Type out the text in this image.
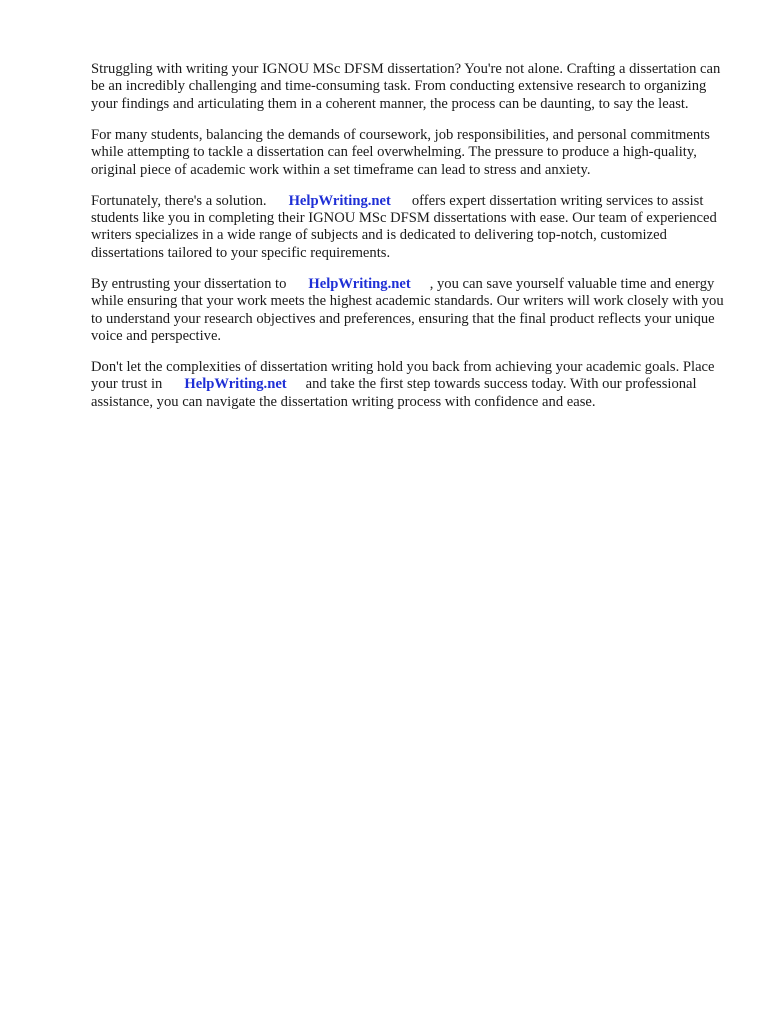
Struggling with writing your IGNOU MSc DFSM dissertation? You're not alone. Crafting a dissertation can be an incredibly challenging and time-consuming task. From conducting extensive research to organizing your findings and articulating them in a coherent manner, the process can be daunting, to say the least.

For many students, balancing the demands of coursework, job responsibilities, and personal commitments while attempting to tackle a dissertation can feel overwhelming. The pressure to produce a high-quality, original piece of academic work within a set timeframe can lead to stress and anxiety.

Fortunately, there's a solution. HelpWriting.net offers expert dissertation writing services to assist students like you in completing their IGNOU MSc DFSM dissertations with ease. Our team of experienced writers specializes in a wide range of subjects and is dedicated to delivering top-notch, customized dissertations tailored to your specific requirements.

By entrusting your dissertation to HelpWriting.net , you can save yourself valuable time and energy while ensuring that your work meets the highest academic standards. Our writers will work closely with you to understand your research objectives and preferences, ensuring that the final product reflects your unique voice and perspective.

Don't let the complexities of dissertation writing hold you back from achieving your academic goals. Place your trust in HelpWriting.net and take the first step towards success today. With our professional assistance, you can navigate the dissertation writing process with confidence and ease.
